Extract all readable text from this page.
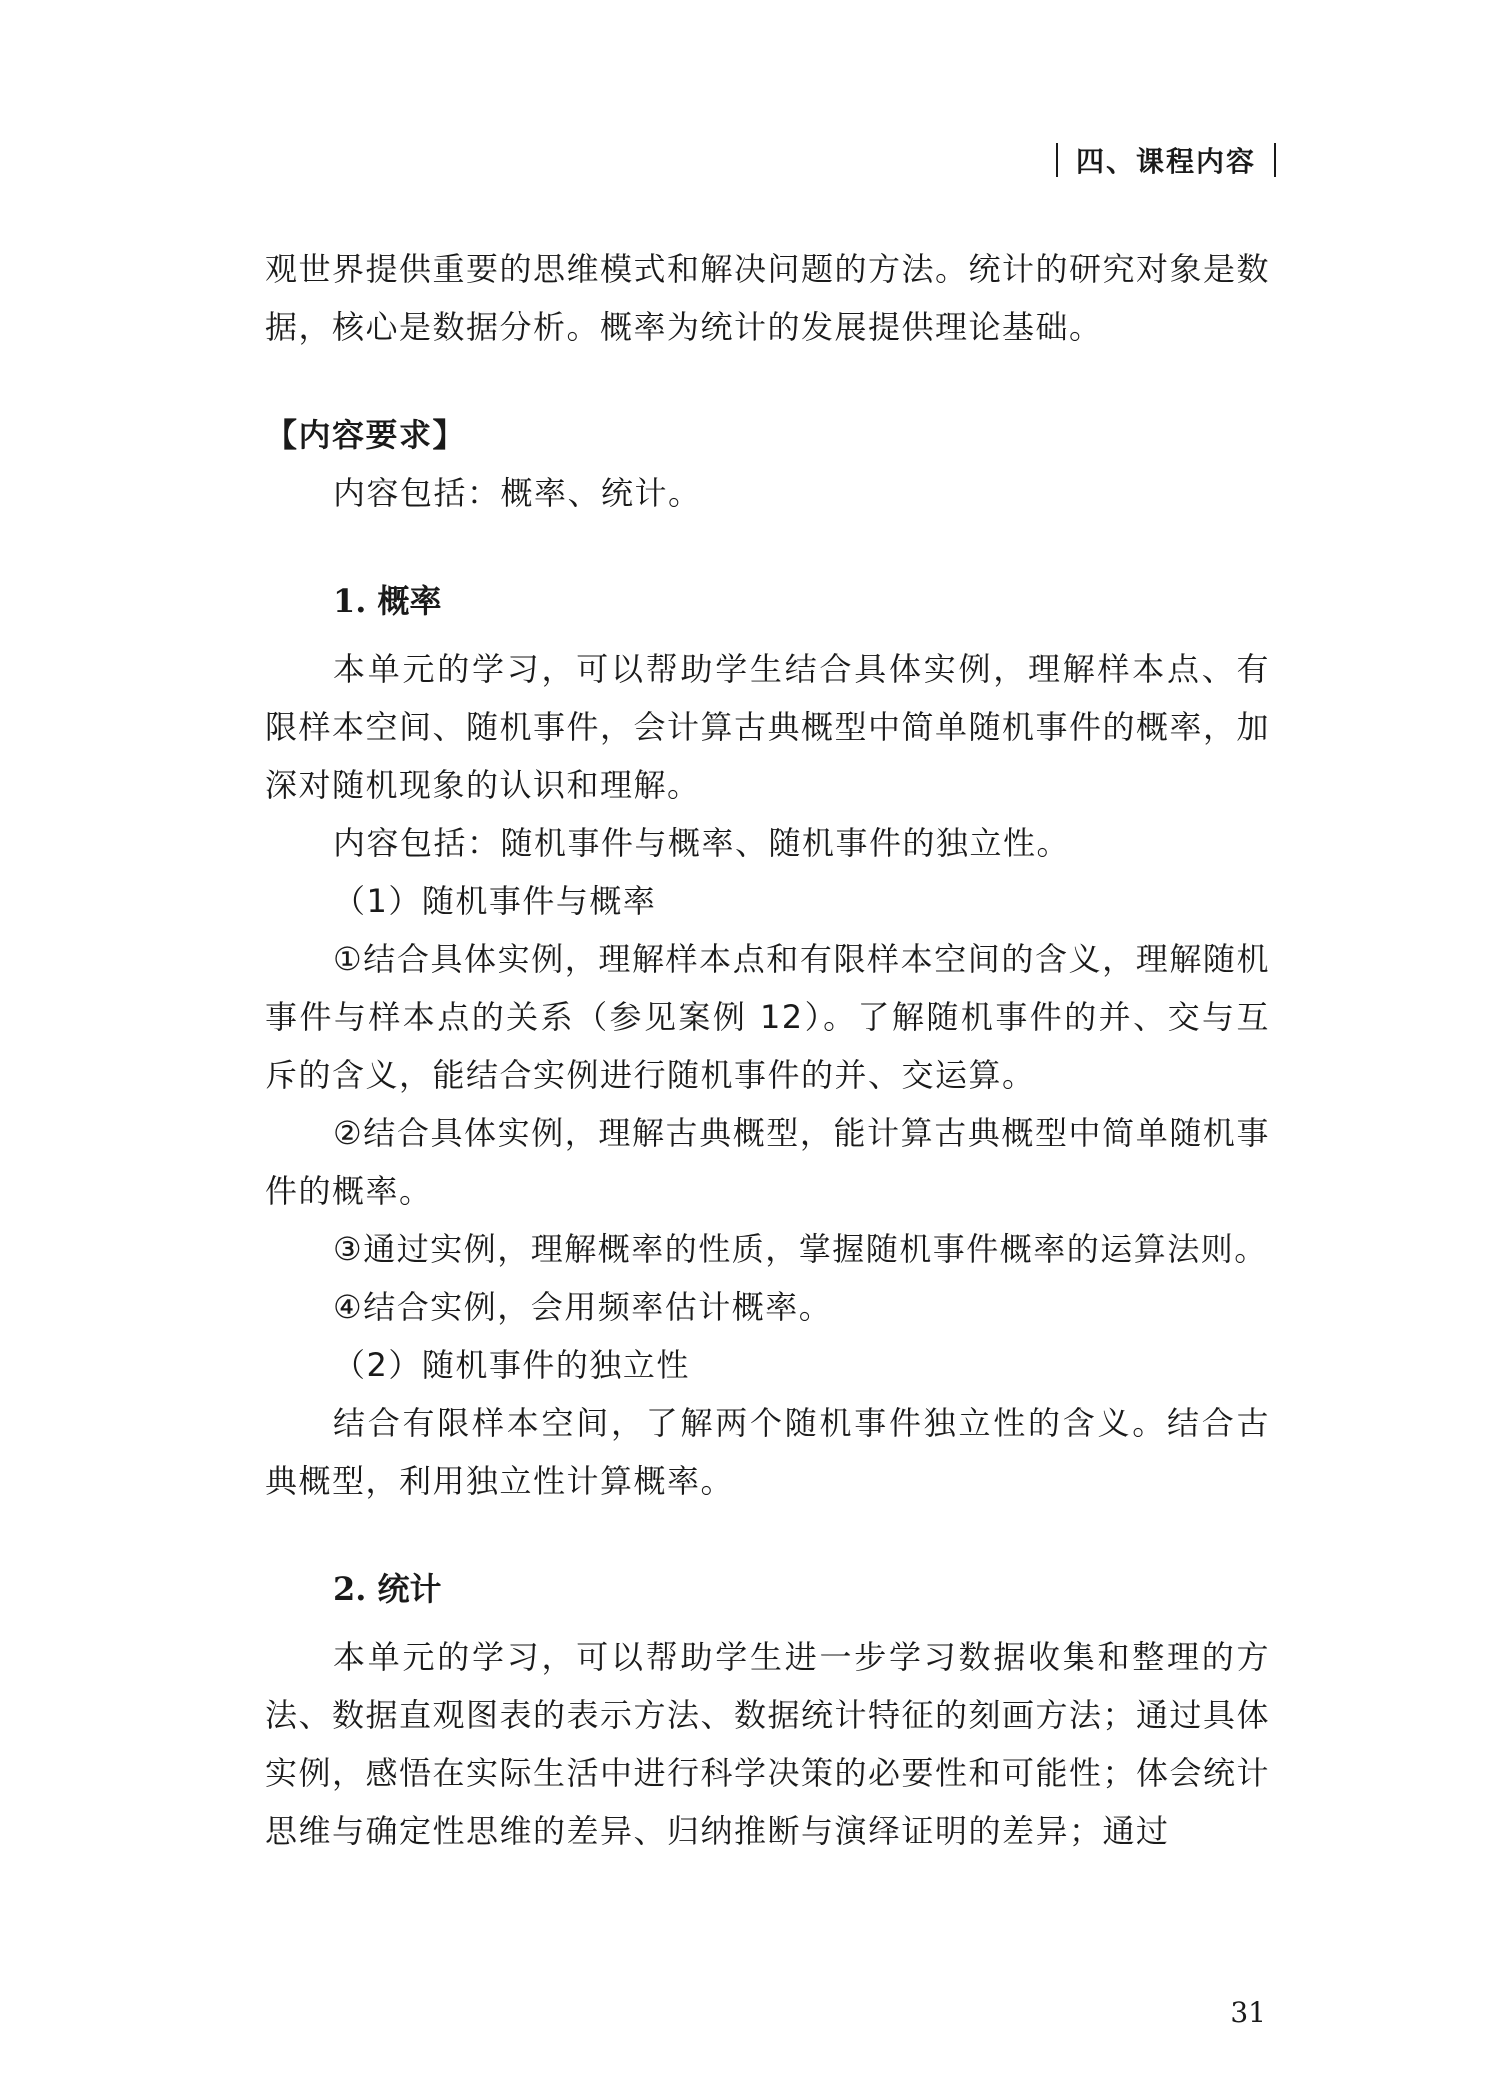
四、课程内容

观世界提供重要的思维模式和解决问题的方法。统计的研究对象是数据，核心是数据分析。概率为统计的发展提供理论基础。

【内容要求】

内容包括：概率、统计。

1. 概率

本单元的学习，可以帮助学生结合具体实例，理解样本点、有限样本空间、随机事件，会计算古典概型中简单随机事件的概率，加深对随机现象的认识和理解。

内容包括：随机事件与概率、随机事件的独立性。

（1）随机事件与概率

①结合具体实例，理解样本点和有限样本空间的含义，理解随机事件与样本点的关系（参见案例 12）。了解随机事件的并、交与互斥的含义，能结合实例进行随机事件的并、交运算。

②结合具体实例，理解古典概型，能计算古典概型中简单随机事件的概率。

③通过实例，理解概率的性质，掌握随机事件概率的运算法则。

④结合实例，会用频率估计概率。

（2）随机事件的独立性

结合有限样本空间，了解两个随机事件独立性的含义。结合古典概型，利用独立性计算概率。

2. 统计

本单元的学习，可以帮助学生进一步学习数据收集和整理的方法、数据直观图表的表示方法、数据统计特征的刻画方法；通过具体实例，感悟在实际生活中进行科学决策的必要性和可能性；体会统计思维与确定性思维的差异、归纳推断与演绎证明的差异；通过

31
